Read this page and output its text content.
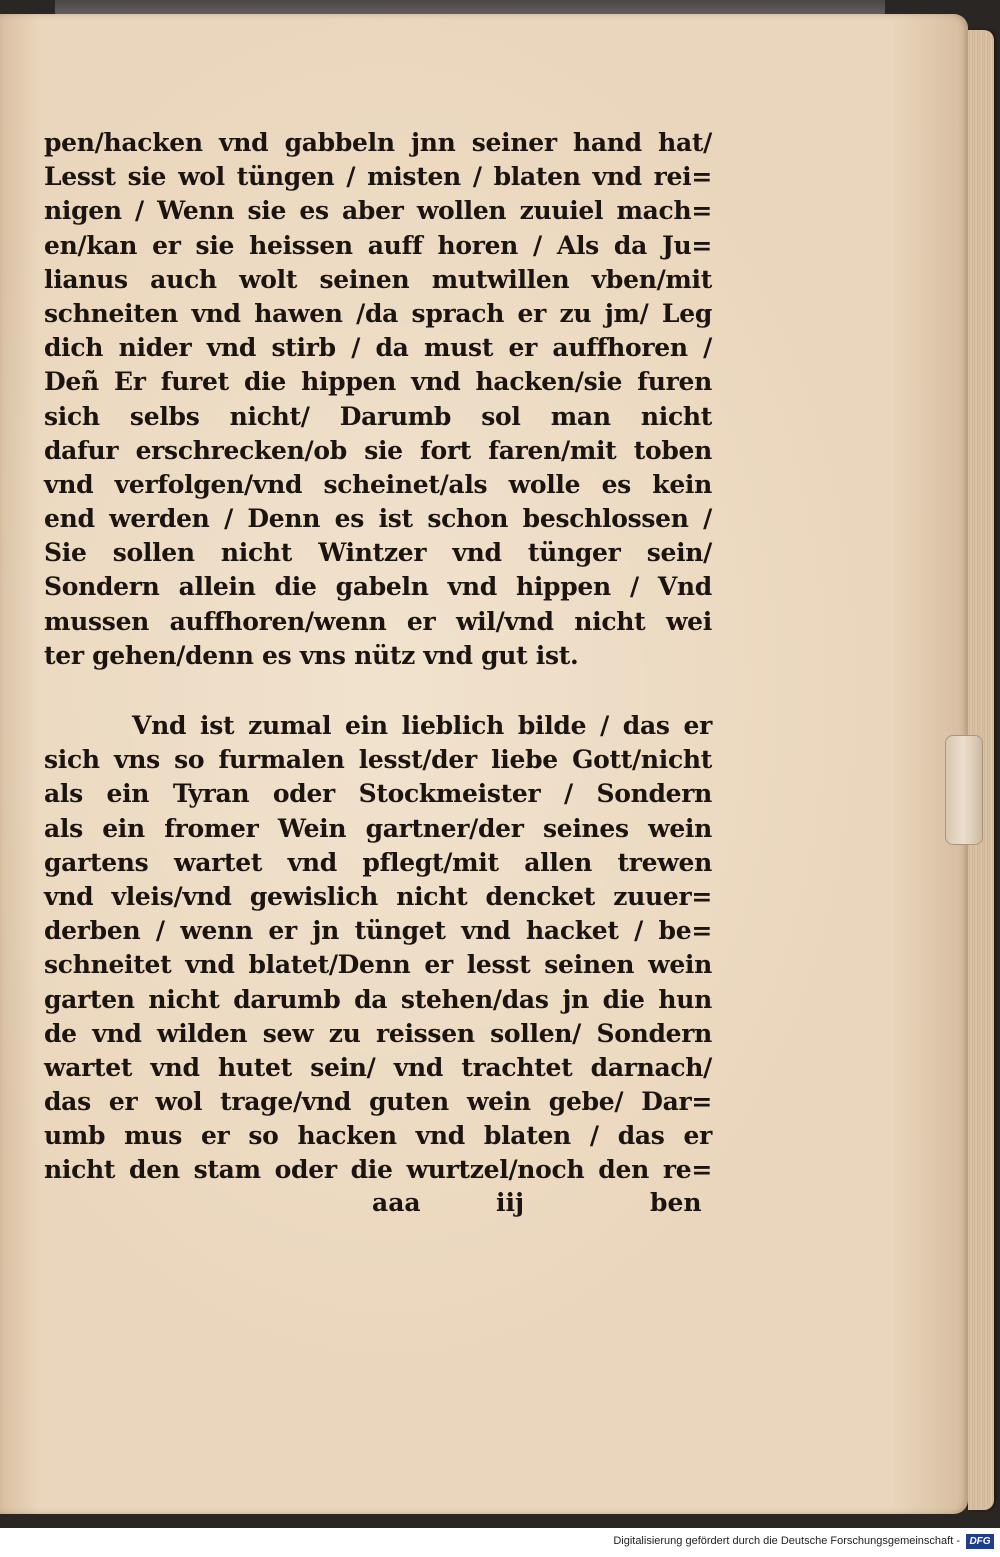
pen/hacken vnd gabbeln jnn seiner hand hat/
Lesst sie wol tüngen / misten / blaten vnd rei=
nigen / Wenn sie es aber wollen zuuiel mach=
en/kan er sie heissen auff horen / Als da Ju=
lianus auch wolt seinen mutwillen vben/mit
schneiten vnd hawen /da sprach er zu jm/ Leg
dich nider vnd stirb / da must er auffhoren /
Deñ Er furet die hippen vnd hacken/sie furen
sich selbs nicht/ Darumb sol man nicht
dafur erschrecken/ob sie fort faren/mit toben
vnd verfolgen/vnd scheinet/als wolle es kein
end werden / Denn es ist schon beschlossen /
Sie sollen nicht Wintzer vnd tünger sein/
Sondern allein die gabeln vnd hippen / Vnd
mussen auffhoren/wenn er wil/vnd nicht wei
ter gehen/denn es vns nütz vnd gut ist.
Vnd ist zumal ein lieblich bilde / das er
sich vns so furmalen lesst/der liebe Gott/nicht
als ein Tyran oder Stockmeister / Sondern
als ein fromer Wein gartner/der seines wein
gartens wartet vnd pflegt/mit allen trewen
vnd vleis/vnd gewislich nicht dencket zuuer=
derben / wenn er jn tünget vnd hacket / be=
schneitet vnd blatet/Denn er lesst seinen wein
garten nicht darumb da stehen/das jn die hun
de vnd wilden sew zu reissen sollen/ Sondern
wartet vnd hutet sein/ vnd trachtet darnach/
das er wol trage/vnd guten wein gebe/ Dar=
umb mus er so hacken vnd blaten / das er
nicht den stam oder die wurtzel/noch den re=
aaa	iij	ben
Digitalisierung gefördert durch die Deutsche Forschungsgemeinschaft - DFG
